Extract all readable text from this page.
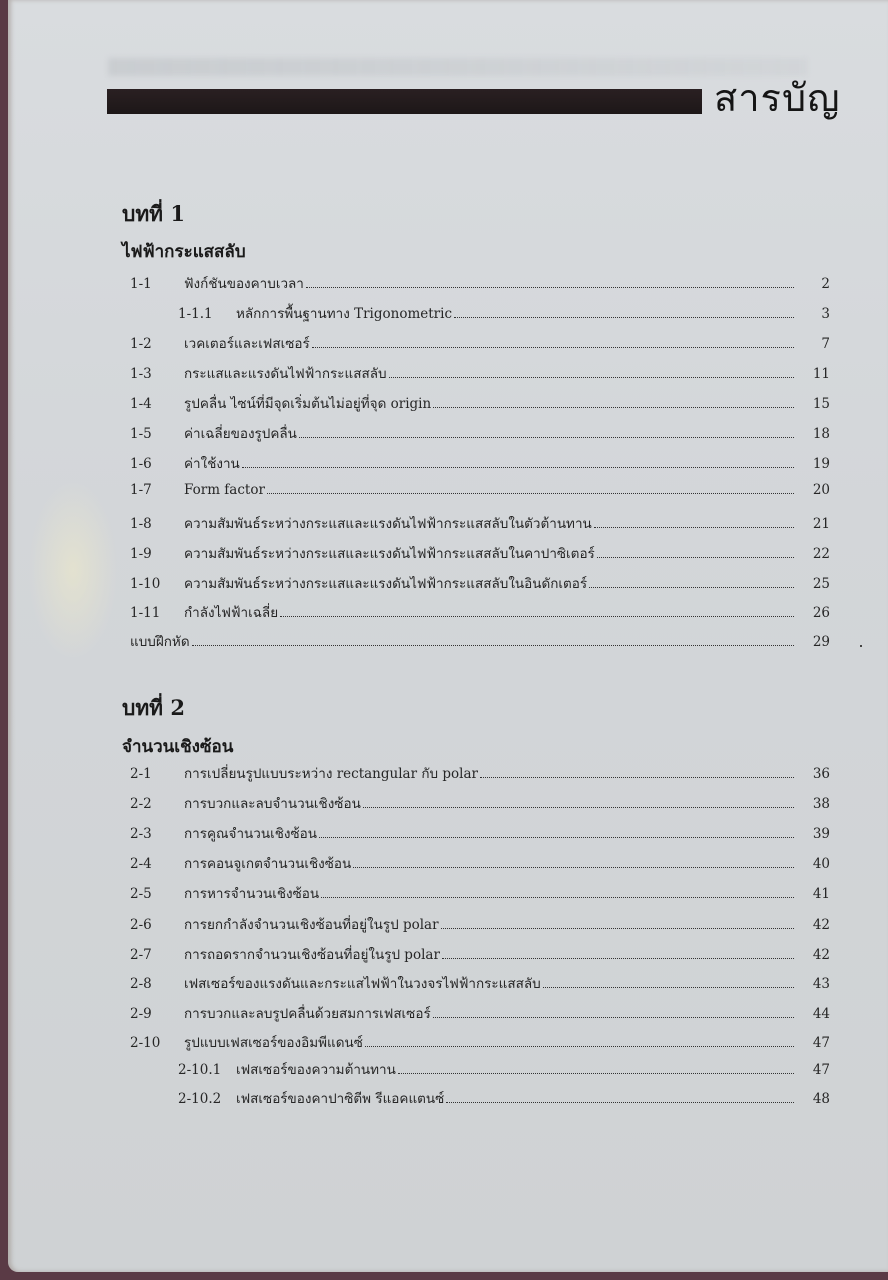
สารบัญ
บทที่ 1
ไฟฟ้ากระแสสลับ
1-1	ฟังก์ชันของคาบเวลา	2
1-1.1	หลักการพื้นฐานทาง Trigonometric	3
1-2	เวคเตอร์และเฟสเซอร์	7
1-3	กระแสและแรงดันไฟฟ้ากระแสสลับ	11
1-4	รูปคลื่น ไซน์ที่มีจุดเริ่มต้นไม่อยู่ที่จุด origin	15
1-5	ค่าเฉลี่ยของรูปคลื่น	18
1-6	ค่าใช้งาน	19
1-7	Form factor	20
1-8	ความสัมพันธ์ระหว่างกระแสและแรงดันไฟฟ้ากระแสสลับในตัวต้านทาน	21
1-9	ความสัมพันธ์ระหว่างกระแสและแรงดันไฟฟ้ากระแสสลับในคาปาซิเตอร์	22
1-10	ความสัมพันธ์ระหว่างกระแสและแรงดันไฟฟ้ากระแสสลับในอินดักเตอร์	25
1-11	กำลังไฟฟ้าเฉลี่ย	26
แบบฝึกหัด	29
บทที่ 2
จำนวนเชิงซ้อน
2-1	การเปลี่ยนรูปแบบระหว่าง rectangular กับ polar	36
2-2	การบวกและลบจำนวนเชิงซ้อน	38
2-3	การคูณจำนวนเชิงซ้อน	39
2-4	การคอนจูเกตจำนวนเชิงซ้อน	40
2-5	การหารจำนวนเชิงซ้อน	41
2-6	การยกกำลังจำนวนเชิงซ้อนที่อยู่ในรูป polar	42
2-7	การถอดรากจำนวนเชิงซ้อนที่อยู่ในรูป polar	42
2-8	เฟสเซอร์ของแรงดันและกระแสไฟฟ้าในวงจรไฟฟ้ากระแสสลับ	43
2-9	การบวกและลบรูปคลื่นด้วยสมการเฟสเซอร์	44
2-10	รูปแบบเฟสเซอร์ของอิมพีแดนซ์	47
2-10.1	เฟสเซอร์ของความต้านทาน	47
2-10.2	เฟสเซอร์ของคาปาซิตีพ รีแอคแตนซ์	48
